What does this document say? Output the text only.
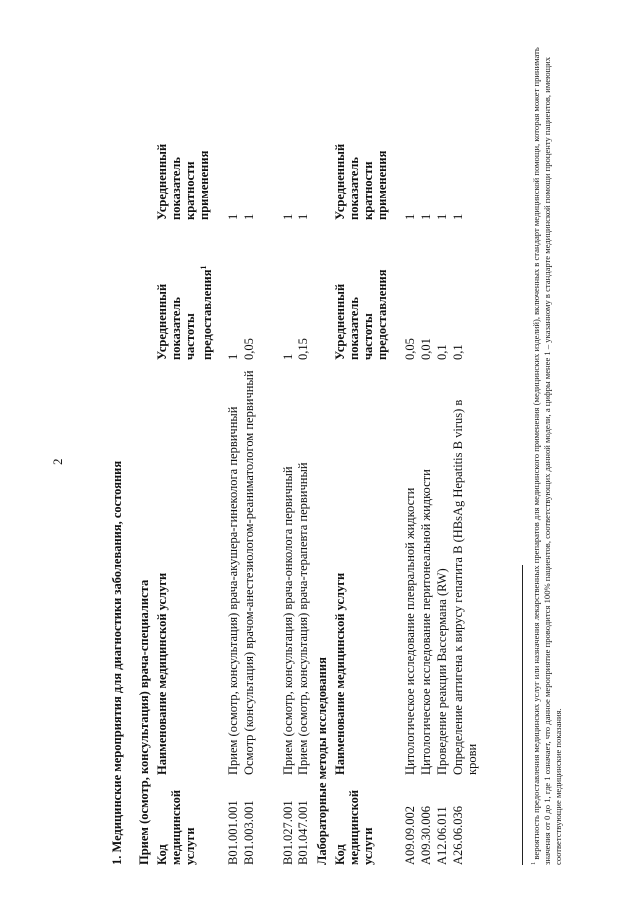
2	1. Медицинские мероприятия для диагностики заболевания, состояния Прием (осмотр, консультация) врача-специалиста Код медицинской услуги
Наименование медицинской услуги
Усредненный показатель частоты предоставления$^1$
Усредненный показатель кратности применения
B01.001.001
Прием (осмотр, консультация) врача-акушера-гинеколога первичный
1
1
B01.003.001
Осмотр (консультация) врачом-анестезиологом-реаниматологом первичный
0,05
1
B01.027.001
Прием (осмотр, консультация) врача-онколога первичный
1
1
B01.047.001
Прием (осмотр, консультация) врача-терапевта первичный
0,15
1
Лабораторные методы исследования Код медицинской услуги
Наименование медицинской услуги
Усредненный показатель частоты предоставления
Усредненный показатель кратности применения
A09.09.002
Цитологическое исследование плевральной жидкости
0,05
1
A09.30.006
Цитологическое исследование перитонеальной жидкости
0,01
1
A12.06.011
Проведение реакции Вассермана (RW)
0,1
1
A26.06.036
Определение антигена к вирусу гепатита B (HBsAg Hepatitis B virus) в крови
0,1
1
$^1$ вероятность предоставления медицинских услуг или назначения лекарственных препаратов для медицинского применения (медицинских изделий), включенных в стандарт медицинской помощи, которая может принимать значения от 0 до 1, где 1 означает, что данное мероприятие проводится 100% пациентов, соответствующих данной модели, а цифры менее 1 – указанному в стандарте медицинской помощи проценту пациентов, имеющих соответствующие медицинские показания.
